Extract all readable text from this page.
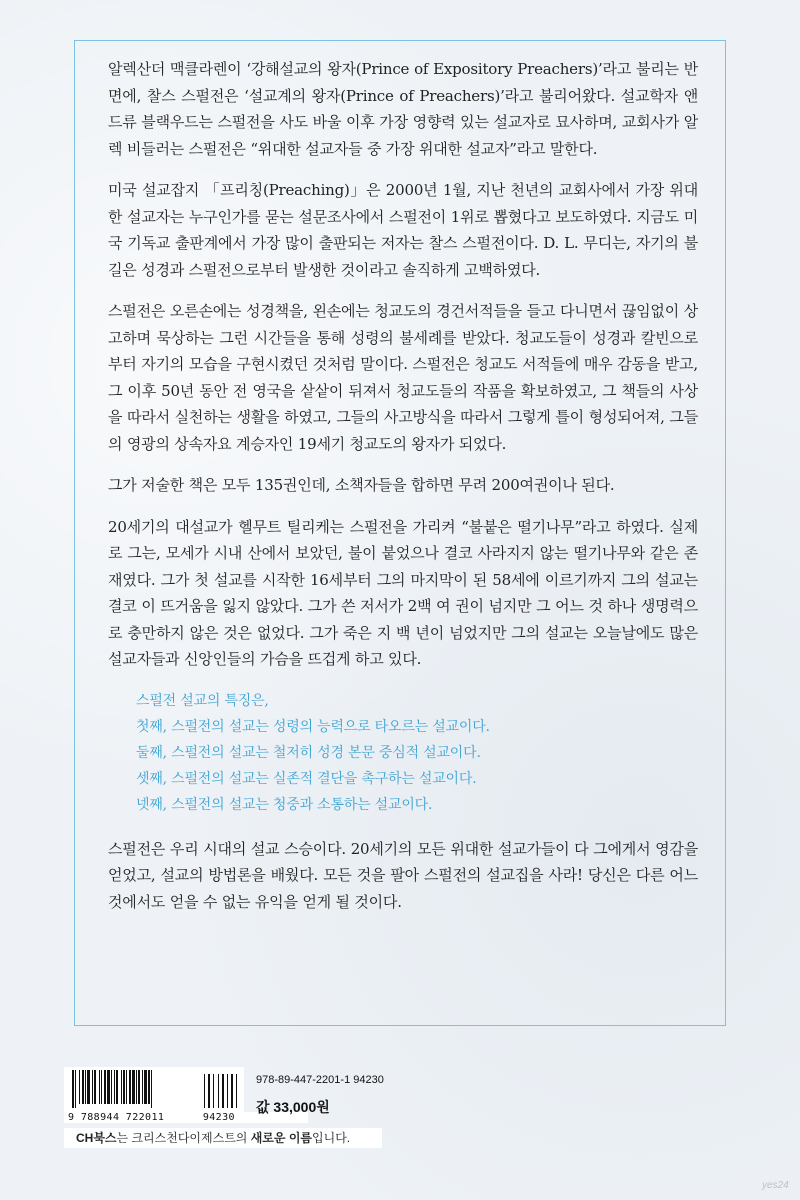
알렉산더 맥클라렌이 ‘강해설교의 왕자(Prince of Expository Preachers)’라고 불리는 반면에, 찰스 스펄전은 ‘설교계의 왕자(Prince of Preachers)’라고 불리어왔다. 설교학자 앤드류 블랙우드는 스펄전을 사도 바울 이후 가장 영향력 있는 설교자로 묘사하며, 교회사가 알렉 비들러는 스펄전은 “위대한 설교자들 중 가장 위대한 설교자”라고 말한다.

미국 설교잡지 「프리칭(Preaching)」은 2000년 1월, 지난 천년의 교회사에서 가장 위대한 설교자는 누구인가를 묻는 설문조사에서 스펄전이 1위로 뽑혔다고 보도하였다. 지금도 미국 기독교 출판계에서 가장 많이 출판되는 저자는 찰스 스펄전이다. D. L. 무디는, 자기의 불길은 성경과 스펄전으로부터 발생한 것이라고 솔직하게 고백하였다.

스펄전은 오른손에는 성경책을, 왼손에는 청교도의 경건서적들을 들고 다니면서 끊임없이 상고하며 묵상하는 그런 시간들을 통해 성령의 불세례를 받았다. 청교도들이 성경과 칼빈으로부터 자기의 모습을 구현시켰던 것처럼 말이다. 스펄전은 청교도 서적들에 매우 감동을 받고, 그 이후 50년 동안 전 영국을 샅샅이 뒤져서 청교도들의 작품을 확보하였고, 그 책들의 사상을 따라서 실천하는 생활을 하였고, 그들의 사고방식을 따라서 그렇게 틀이 형성되어져, 그들의 영광의 상속자요 계승자인 19세기 청교도의 왕자가 되었다.

그가 저술한 책은 모두 135권인데, 소책자들을 합하면 무려 200여권이나 된다.

20세기의 대설교가 헬무트 틸리케는 스펄전을 가리켜 “불붙은 떨기나무”라고 하였다. 실제로 그는, 모세가 시내 산에서 보았던, 불이 붙었으나 결코 사라지지 않는 떨기나무와 같은 존재였다. 그가 첫 설교를 시작한 16세부터 그의 마지막이 된 58세에 이르기까지 그의 설교는 결코 이 뜨거움을 잃지 않았다. 그가 쓴 저서가 2백 여 권이 넘지만 그 어느 것 하나 생명력으로 충만하지 않은 것은 없었다. 그가 죽은 지 백 년이 넘었지만 그의 설교는 오늘날에도 많은 설교자들과 신앙인들의 가슴을 뜨겁게 하고 있다.

스펄전 설교의 특징은,
첫째, 스펄전의 설교는 성령의 능력으로 타오르는 설교이다.
둘째, 스펄전의 설교는 철저히 성경 본문 중심적 설교이다.
셋째, 스펄전의 설교는 실존적 결단을 촉구하는 설교이다.
넷째, 스펄전의 설교는 청중과 소통하는 설교이다.

스펄전은 우리 시대의 설교 스승이다. 20세기의 모든 위대한 설교가들이 다 그에게서 영감을 얻었고, 설교의 방법론을 배웠다. 모든 것을 팔아 스펄전의 설교집을 사라! 당신은 다른 어느 것에서도 얻을 수 없는 유익을 얻게 될 것이다.

9 788944 722011	94230
978-89-447-2201-1 94230
값 33,000원
CH북스는 크리스천다이제스트의 새로운 이름입니다.
yes24
